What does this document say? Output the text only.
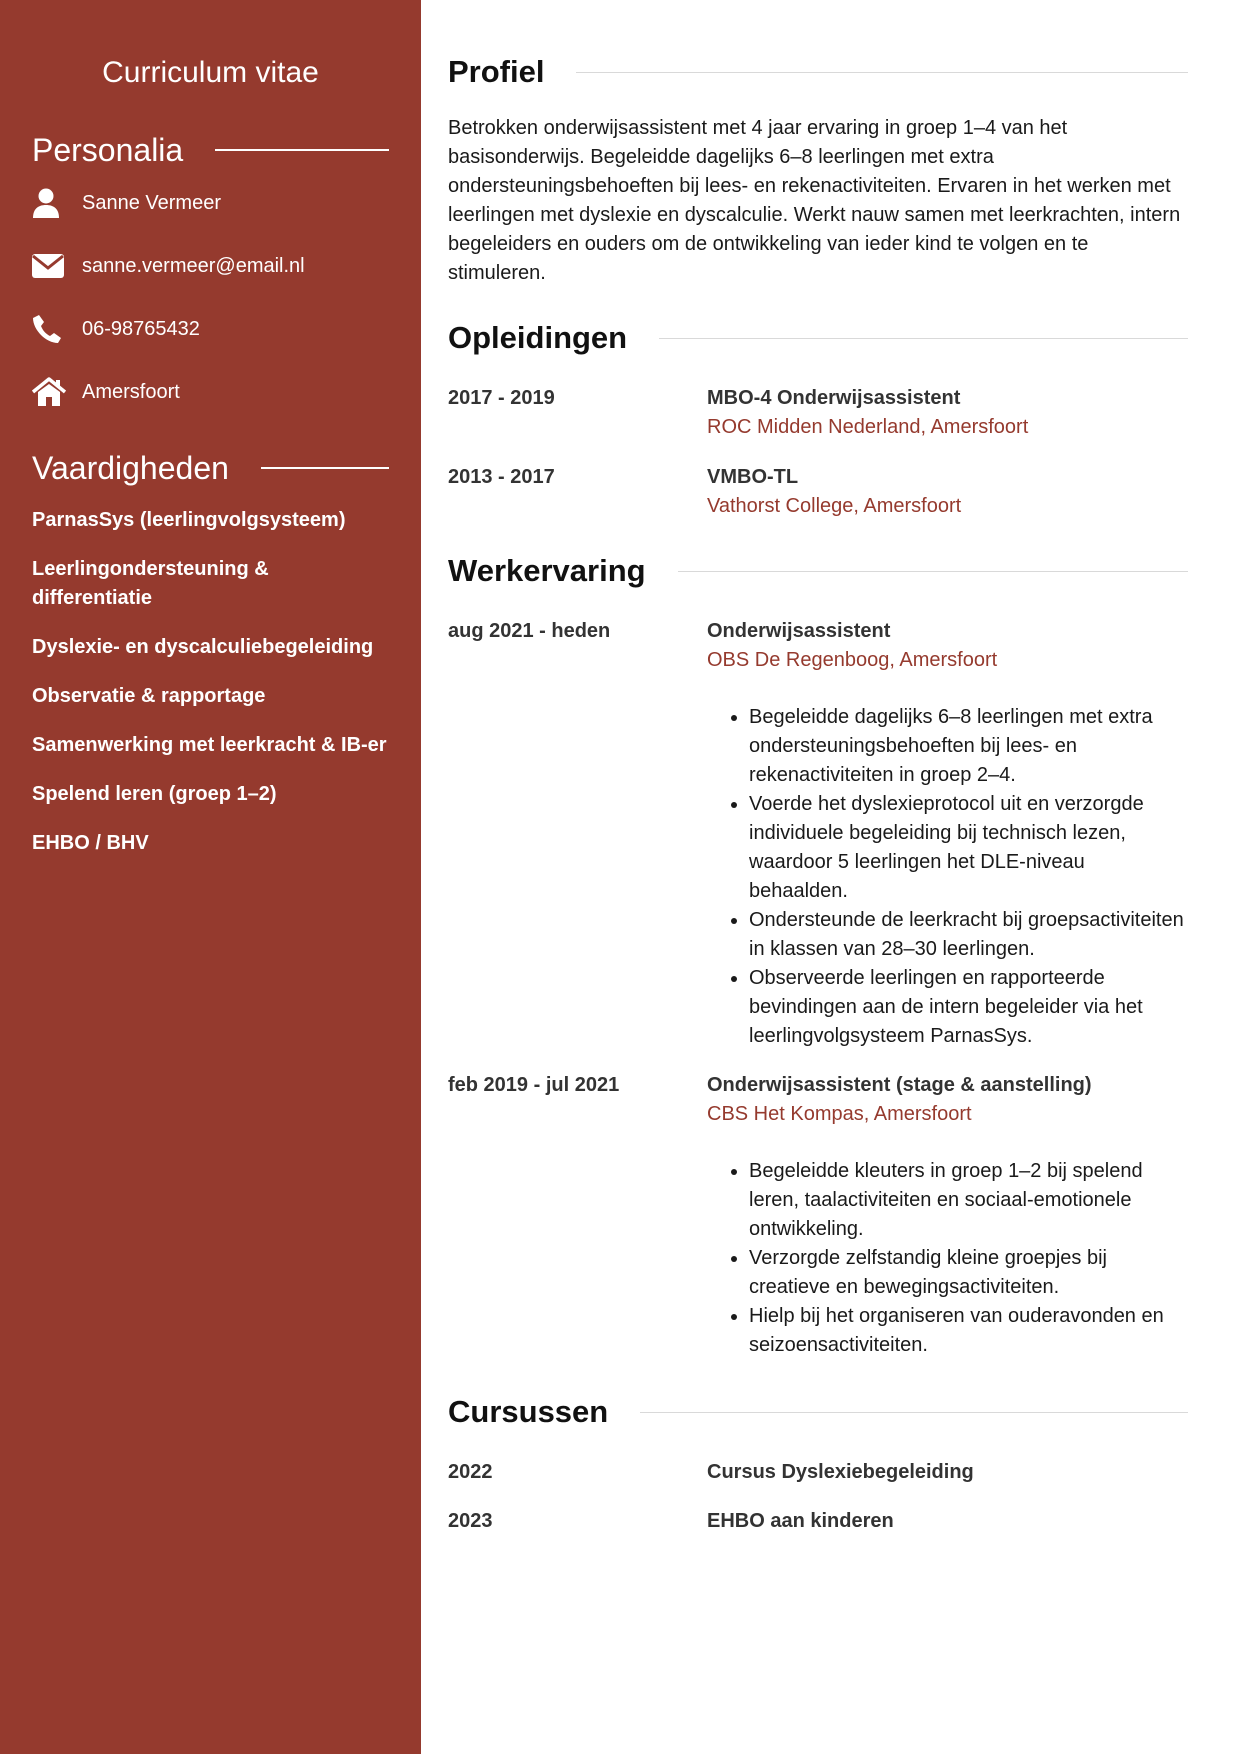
Curriculum vitae
Personalia
Sanne Vermeer
sanne.vermeer@email.nl
06-98765432
Amersfoort
Vaardigheden
ParnasSys (leerlingvolgsysteem)
Leerlingondersteuning & differentiatie
Dyslexie- en dyscalculiebegeleiding
Observatie & rapportage
Samenwerking met leerkracht & IB-er
Spelend leren (groep 1–2)
EHBO / BHV
Profiel

Betrokken onderwijsassistent met 4 jaar ervaring in groep 1–4 van het basisonderwijs. Begeleidde dagelijks 6–8 leerlingen met extra ondersteuningsbehoeften bij lees- en rekenactiviteiten. Ervaren in het werken met leerlingen met dyslexie en dyscalculie. Werkt nauw samen met leerkrachten, intern begeleiders en ouders om de ontwikkeling van ieder kind te volgen en te stimuleren.

Opleidingen
2017 - 2019	MBO-4 Onderwijsassistent
ROC Midden Nederland, Amersfoort
2013 - 2017	VMBO-TL
Vathorst College, Amersfoort
Werkervaring
aug 2021 - heden	Onderwijsassistent
OBS De Regenboog, Amersfoort
• Begeleidde dagelijks 6–8 leerlingen met extra ondersteuningsbehoeften bij lees- en rekenactiviteiten in groep 2–4.
• Voerde het dyslexieprotocol uit en verzorgde individuele begeleiding bij technisch lezen, waardoor 5 leerlingen het DLE-niveau behaalden.
• Ondersteunde de leerkracht bij groepsactiviteiten in klassen van 28–30 leerlingen.
• Observeerde leerlingen en rapporteerde bevindingen aan de intern begeleider via het leerlingvolgsysteem ParnasSys.
feb 2019 - jul 2021	Onderwijsassistent (stage & aanstelling)
CBS Het Kompas, Amersfoort
• Begeleidde kleuters in groep 1–2 bij spelend leren, taalactiviteiten en sociaal-emotionele ontwikkeling.
• Verzorgde zelfstandig kleine groepjes bij creatieve en bewegingsactiviteiten.
• Hielp bij het organiseren van ouderavonden en seizoensactiviteiten.
Cursussen
2022	Cursus Dyslexiebegeleiding
2023	EHBO aan kinderen
